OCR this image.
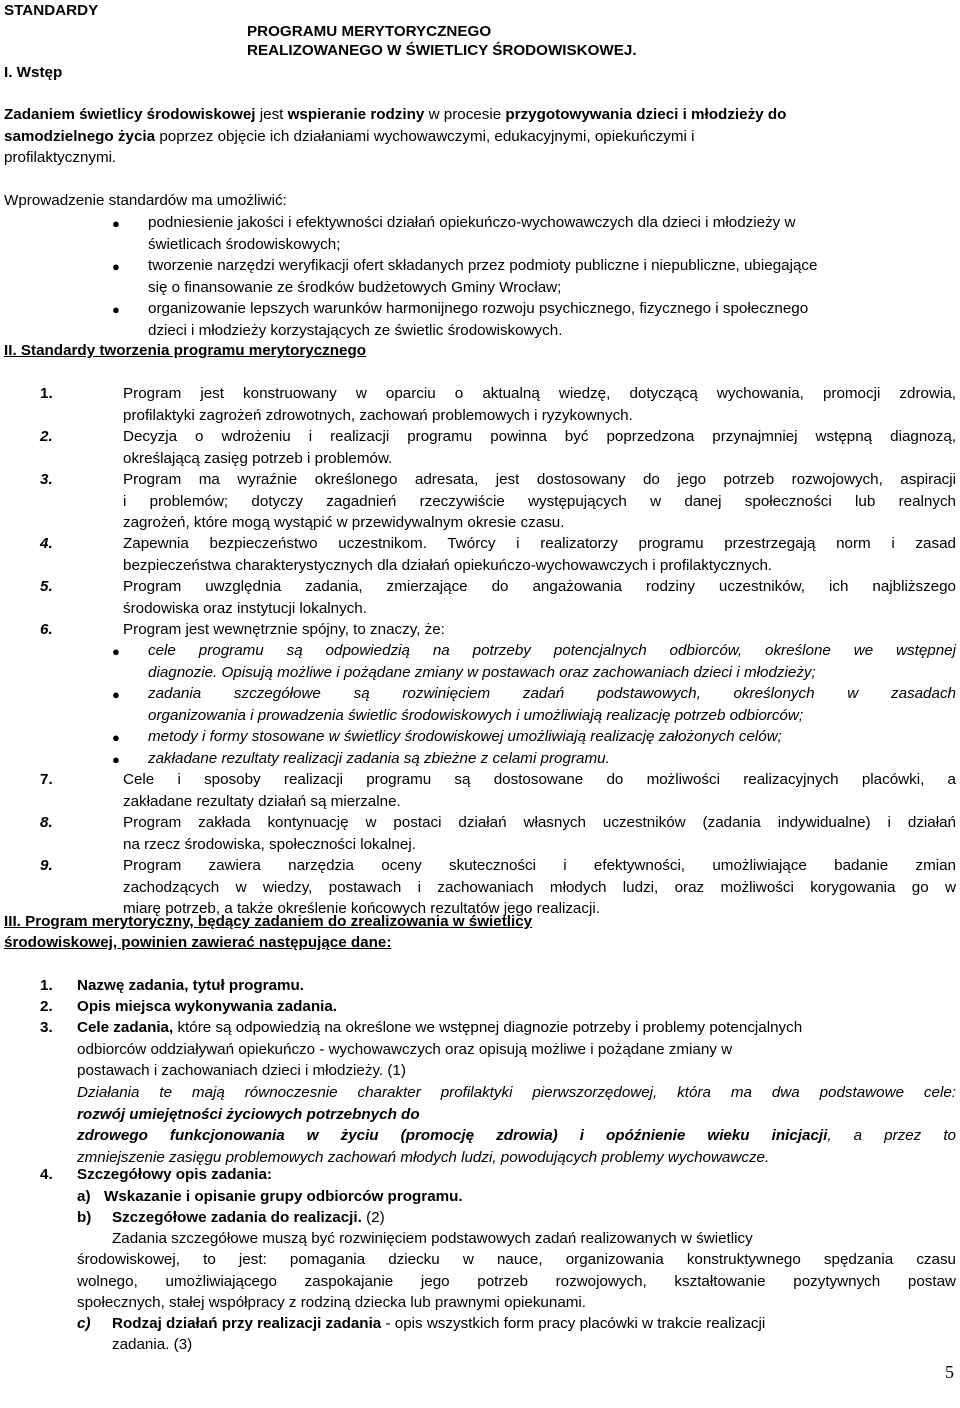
STANDARDY
PROGRAMU MERYTORYCZNEGO
REALIZOWANEGO W ŚWIETLICY ŚRODOWISKOWEJ.
I. Wstęp
Zadaniem świetlicy środowiskowej jest wspieranie rodziny w procesie przygotowywania dzieci i młodzieży do
samodzielnego życia poprzez objęcie ich działaniami wychowawczymi, edukacyjnymi, opiekuńczymi i
profilaktycznymi.
Wprowadzenie standardów ma umożliwić:
● podniesienie jakości i efektywności działań opiekuńczo-wychowawczych dla dzieci i młodzieży w
świetlicach środowiskowych;
● tworzenie narzędzi weryfikacji ofert składanych przez podmioty publiczne i niepubliczne, ubiegające
się o finansowanie ze środków budżetowych Gminy Wrocław;
● organizowanie lepszych warunków harmonijnego rozwoju psychicznego, fizycznego i społecznego
dzieci i młodzieży korzystających ze świetlic środowiskowych.
II. Standardy tworzenia programu merytorycznego
1.	Program jest konstruowany w oparciu o aktualną wiedzę, dotyczącą wychowania, promocji zdrowia,
profilaktyki zagrożeń zdrowotnych, zachowań problemowych i ryzykownych.
2.	Decyzja o wdrożeniu i realizacji programu powinna być poprzedzona przynajmniej wstępną diagnozą,
określającą zasięg potrzeb i problemów.
3.	Program ma wyraźnie określonego adresata, jest dostosowany do jego potrzeb rozwojowych, aspiracji
i problemów; dotyczy zagadnień rzeczywiście występujących w danej społeczności lub realnych
zagrożeń, które mogą wystąpić w przewidywalnym okresie czasu.
4.	Zapewnia bezpieczeństwo uczestnikom. Twórcy i realizatorzy programu przestrzegają norm i zasad
bezpieczeństwa charakterystycznych dla działań opiekuńczo-wychowawczych i profilaktycznych.
5.	Program uwzględnia zadania, zmierzające do angażowania rodziny uczestników, ich najbliższego
środowiska oraz instytucji lokalnych.
6.	Program jest wewnętrznie spójny, to znaczy, że:
● cele programu są odpowiedzią na potrzeby potencjalnych odbiorców, określone we wstępnej
diagnozie. Opisują możliwe i pożądane zmiany w postawach oraz zachowaniach dzieci i młodzieży;
● zadania szczegółowe są rozwinięciem zadań podstawowych, określonych w zasadach
organizowania i prowadzenia świetlic środowiskowych i umożliwiają realizację potrzeb odbiorców;
● metody i formy stosowane w świetlicy środowiskowej umożliwiają realizację założonych celów;
● zakładane rezultaty realizacji zadania są zbieżne z celami programu.
7.	Cele i sposoby realizacji programu są dostosowane do możliwości realizacyjnych placówki, a
zakładane rezultaty działań są mierzalne.
8.	Program zakłada kontynuację w postaci działań własnych uczestników (zadania indywidualne) i działań
na rzecz środowiska, społeczności lokalnej.
9.	Program zawiera narzędzia oceny skuteczności i efektywności, umożliwiające badanie zmian
zachodzących w wiedzy, postawach i zachowaniach młodych ludzi, oraz możliwości korygowania go w
miarę potrzeb, a także określenie końcowych rezultatów jego realizacji.
III. Program merytoryczny, będący zadaniem do zrealizowania w świetlicy
środowiskowej, powinien zawierać następujące dane:
1. Nazwę zadania, tytuł programu.
2. Opis miejsca wykonywania zadania.
3. Cele zadania, które są odpowiedzią na określone we wstępnej diagnozie potrzeby i problemy potencjalnych
odbiorców oddziaływań opiekuńczo - wychowawczych oraz opisują możliwe i pożądane zmiany w
postawach i zachowaniach dzieci i młodzieży. (1)
Działania te mają równoczesnie charakter profilaktyki pierwszorzędowej, która ma dwa podstawowe cele:
rozwój umiejętności życiowych potrzebnych do
zdrowego funkcjonowania w życiu (promocję zdrowia) i opóźnienie wieku inicjacji, a przez to
zmniejszenie zasięgu problemowych zachowań młodych ludzi, powodujących problemy wychowawcze.
4. Szczegółowy opis zadania:
a) Wskazanie i opisanie grupy odbiorców programu.
b) Szczegółowe zadania do realizacji. (2)
Zadania szczegółowe muszą być rozwinięciem podstawowych zadań realizowanych w świetlicy
środowiskowej, to jest: pomagania dziecku w nauce, organizowania konstruktywnego spędzania czasu
wolnego, umożliwiającego zaspokajanie jego potrzeb rozwojowych, kształtowanie pozytywnych postaw
społecznych, stałej współpracy z rodziną dziecka lub prawnymi opiekunami.
c) Rodzaj działań przy realizacji zadania - opis wszystkich form pracy placówki w trakcie realizacji
zadania. (3)
5
